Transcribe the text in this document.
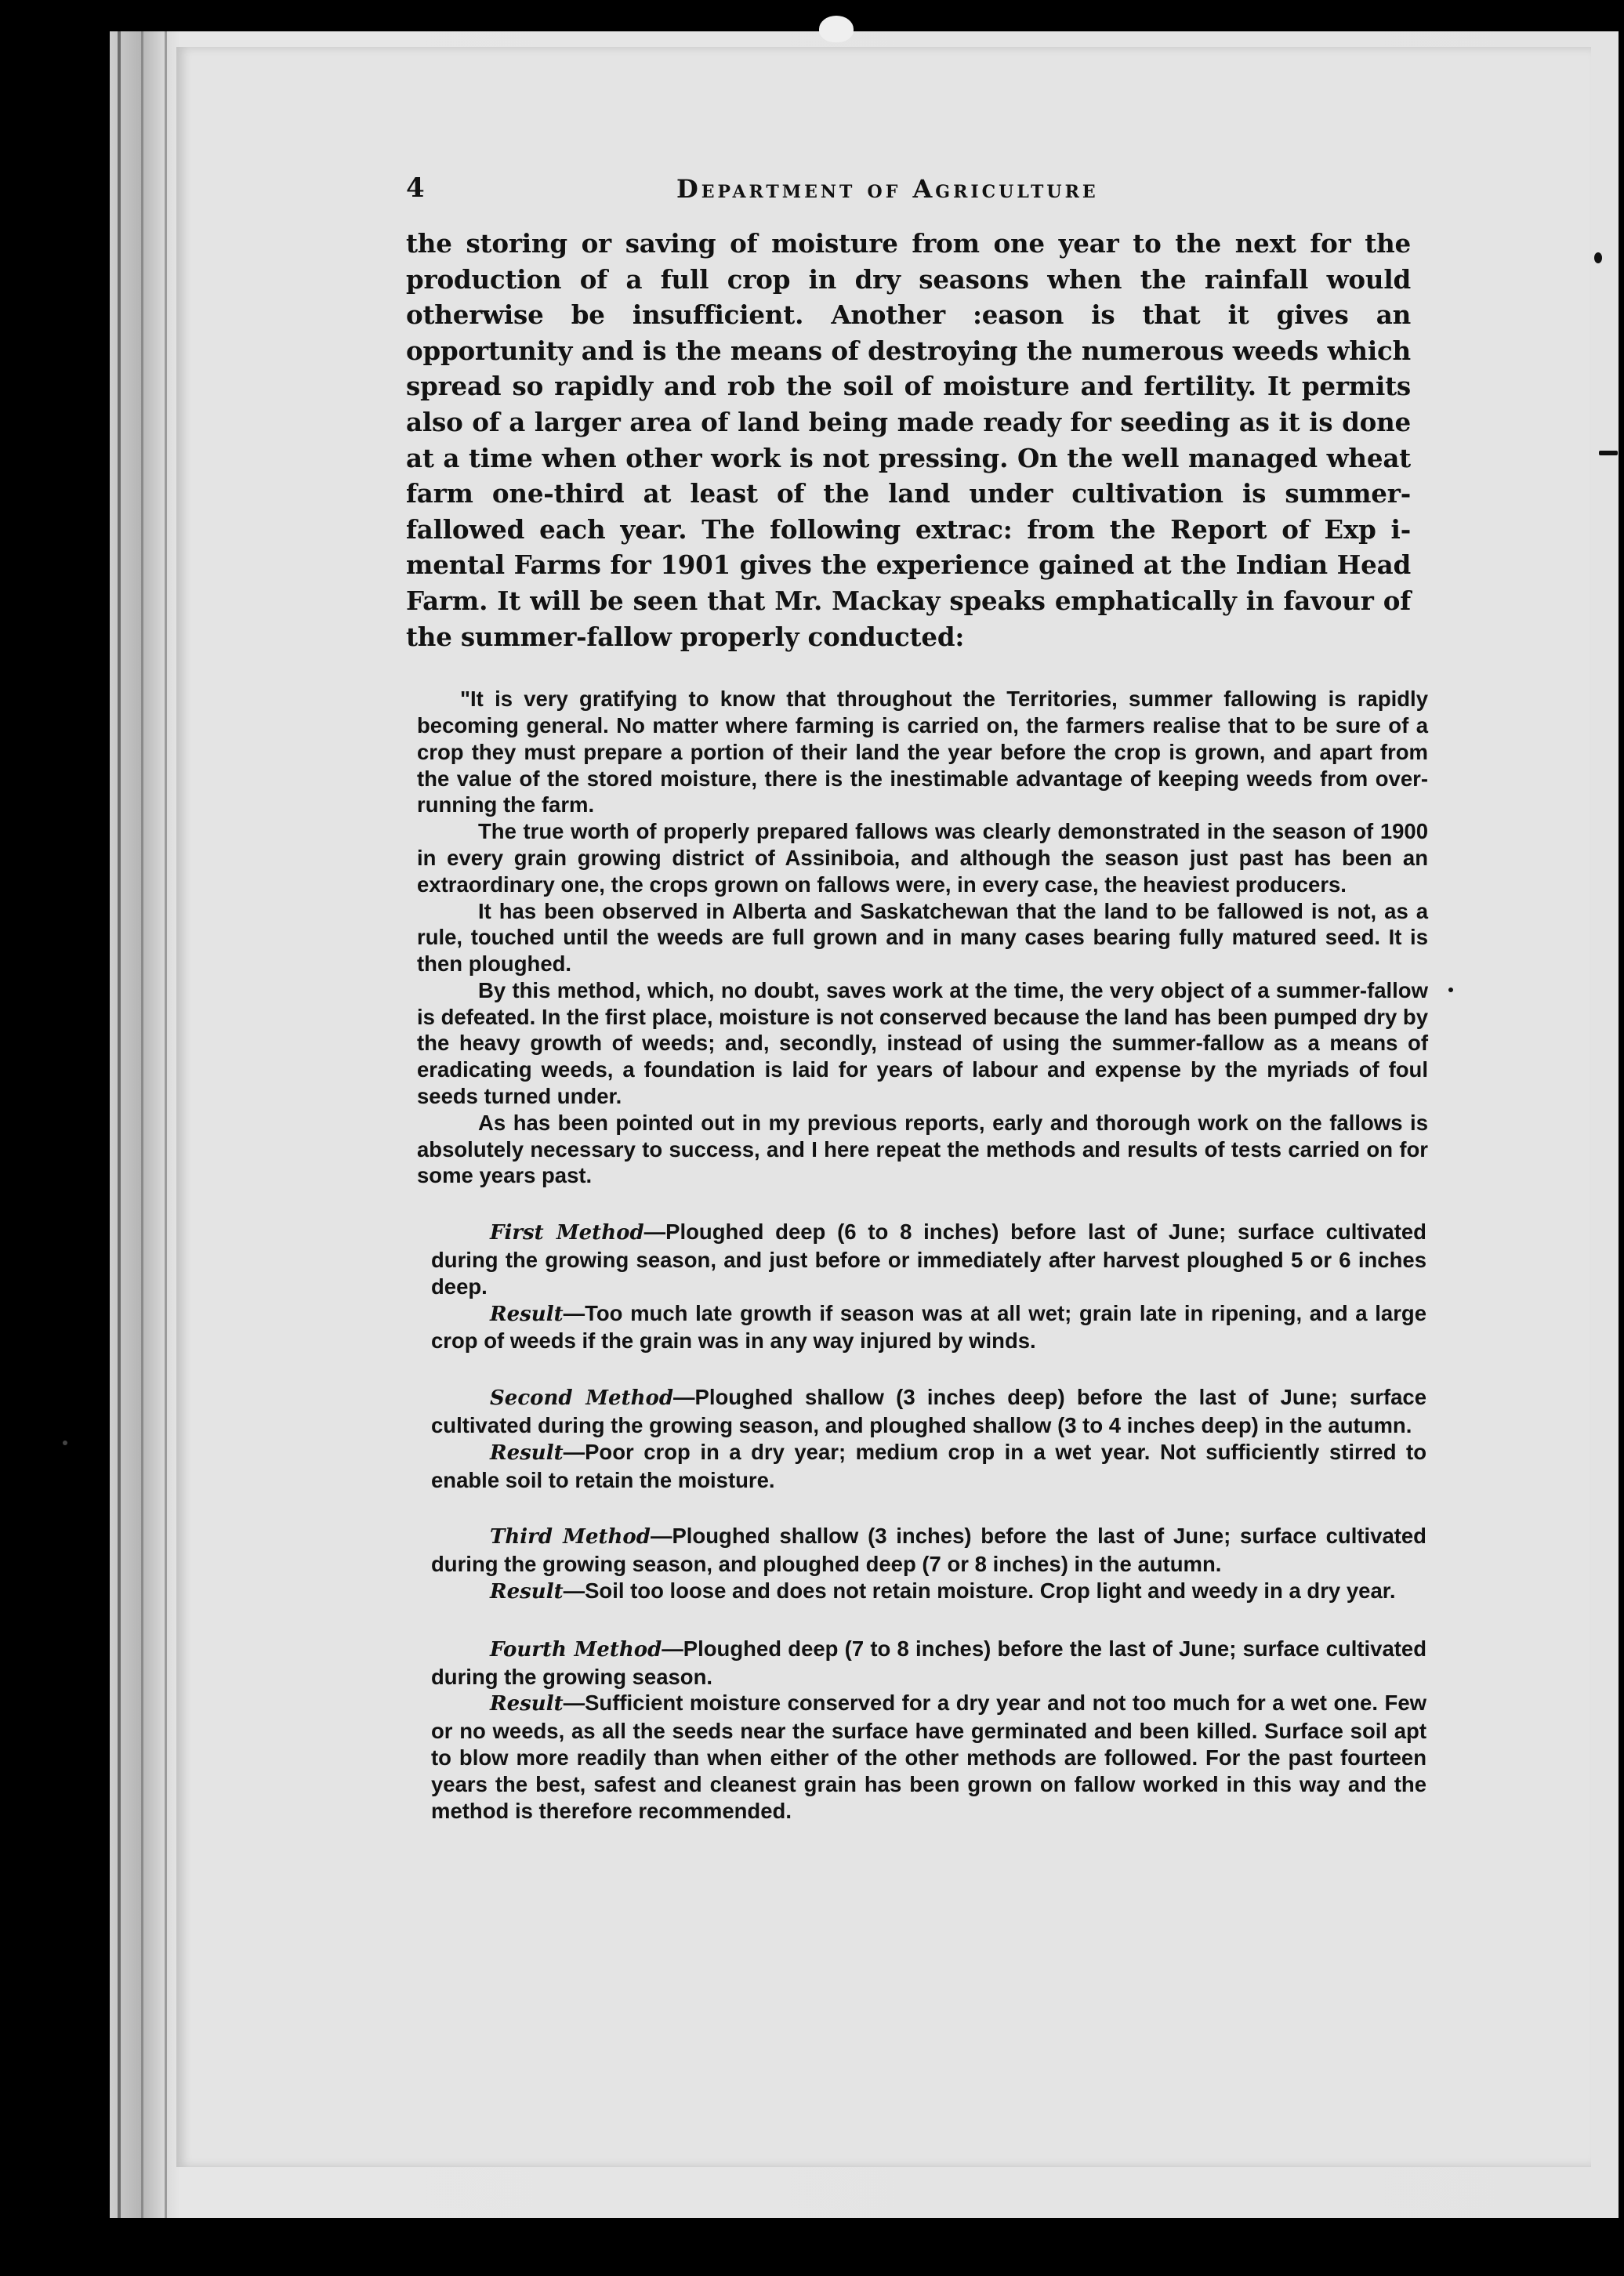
4	Department of Agriculture

the storing or saving of moisture from one year to the next for the production of a full crop in dry seasons when the rainfall would otherwise be insufficient. Another :eason is that it gives an opportunity and is the means of destroying the numerous weeds which spread so rapidly and rob the soil of moisture and fertility. It permits also of a larger area of land being made ready for seeding as it is done at a time when other work is not pressing. On the well managed wheat farm one-third at least of the land under cultivation is summer-fallowed each year. The following extrac: from the Report of Exp i-mental Farms for 1901 gives the experience gained at the Indian Head Farm. It will be seen that Mr. Mackay speaks emphatically in favour of the summer-fallow properly conducted:

"It is very gratifying to know that throughout the Territories, summer fallowing is rapidly becoming general. No matter where farming is carried on, the farmers realise that to be sure of a crop they must prepare a portion of their land the year before the crop is grown, and apart from the value of the stored moisture, there is the inestimable advantage of keeping weeds from over-running the farm.

The true worth of properly prepared fallows was clearly demonstrated in the season of 1900 in every grain growing district of Assiniboia, and although the season just past has been an extraordinary one, the crops grown on fallows were, in every case, the heaviest producers.

It has been observed in Alberta and Saskatchewan that the land to be fallowed is not, as a rule, touched until the weeds are full grown and in many cases bearing fully matured seed. It is then ploughed.

By this method, which, no doubt, saves work at the time, the very object of a summer-fallow is defeated. In the first place, moisture is not conserved because the land has been pumped dry by the heavy growth of weeds; and, secondly, instead of using the summer-fallow as a means of eradicating weeds, a foundation is laid for years of labour and expense by the myriads of foul seeds turned under.

As has been pointed out in my previous reports, early and thorough work on the fallows is absolutely necessary to success, and I here repeat the methods and results of tests carried on for some years past.

First Method—Ploughed deep (6 to 8 inches) before last of June; surface cultivated during the growing season, and just before or immediately after harvest ploughed 5 or 6 inches deep.

Result—Too much late growth if season was at all wet; grain late in ripening, and a large crop of weeds if the grain was in any way injured by winds.

Second Method—Ploughed shallow (3 inches deep) before the last of June; surface cultivated during the growing season, and ploughed shallow (3 to 4 inches deep) in the autumn.

Result—Poor crop in a dry year; medium crop in a wet year. Not sufficiently stirred to enable soil to retain the moisture.

Third Method—Ploughed shallow (3 inches) before the last of June; surface cultivated during the growing season, and ploughed deep (7 or 8 inches) in the autumn.

Result—Soil too loose and does not retain moisture. Crop light and weedy in a dry year.

Fourth Method—Ploughed deep (7 to 8 inches) before the last of June; surface cultivated during the growing season.

Result—Sufficient moisture conserved for a dry year and not too much for a wet one. Few or no weeds, as all the seeds near the surface have germinated and been killed. Surface soil apt to blow more readily than when either of the other methods are followed. For the past fourteen years the best, safest and cleanest grain has been grown on fallow worked in this way and the method is therefore recommended.
